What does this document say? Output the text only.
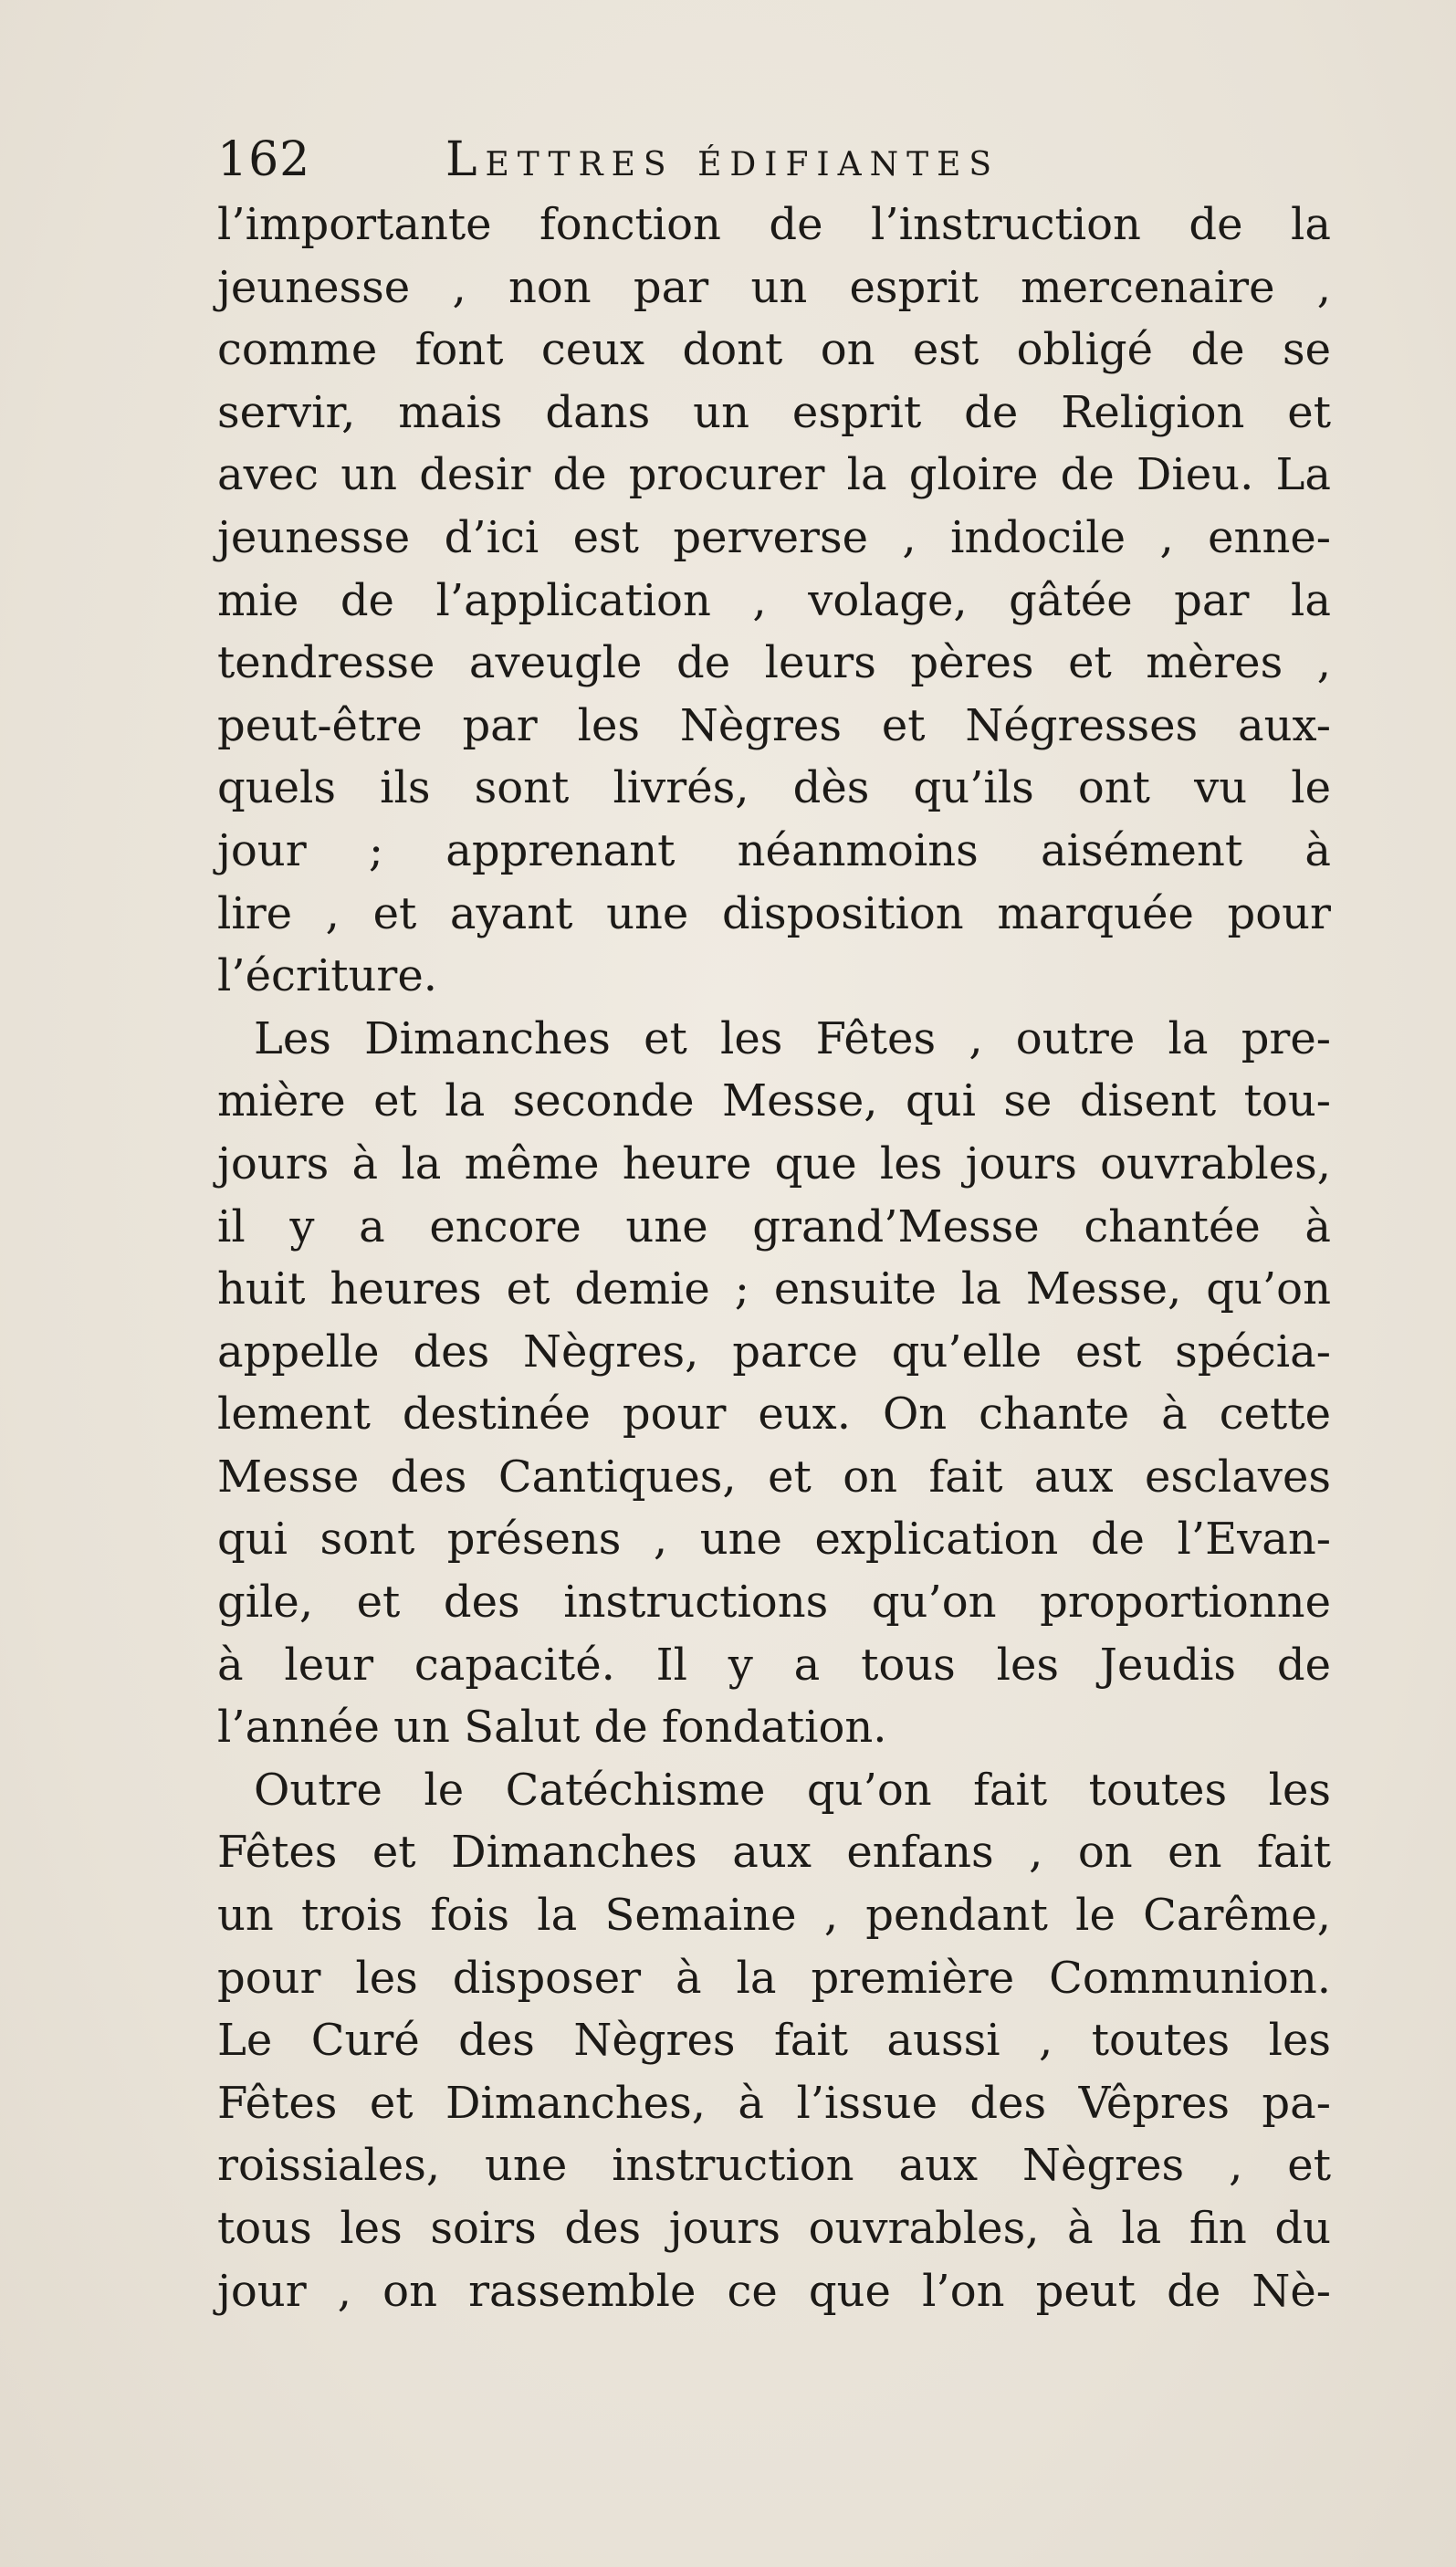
162	Lettres édifiantes
l’importante fonction de l’instruction de la
jeunesse , non par un esprit mercenaire ,
comme font ceux dont on est obligé de se
servir, mais dans un esprit de Religion et
avec un desir de procurer la gloire de Dieu. La
jeunesse d’ici est perverse , indocile , enne-
mie de l’application , volage, gâtée par la
tendresse aveugle de leurs pères et mères ,
peut-être par les Nègres et Négresses aux-
quels ils sont livrés, dès qu’ils ont vu le
jour ; apprenant néanmoins aisément à
lire , et ayant une disposition marquée pour
l’écriture.
Les Dimanches et les Fêtes , outre la pre-
mière et la seconde Messe, qui se disent tou-
jours à la même heure que les jours ouvrables,
il y a encore une grand’Messe chantée à
huit heures et demie ; ensuite la Messe, qu’on
appelle des Nègres, parce qu’elle est spécia-
lement destinée pour eux. On chante à cette
Messe des Cantiques, et on fait aux esclaves
qui sont présens , une explication de l’Evan-
gile, et des instructions qu’on proportionne
à leur capacité. Il y a tous les Jeudis de
l’année un Salut de fondation.
Outre le Catéchisme qu’on fait toutes les
Fêtes et Dimanches aux enfans , on en fait
un trois fois la Semaine , pendant le Carême,
pour les disposer à la première Communion.
Le Curé des Nègres fait aussi , toutes les
Fêtes et Dimanches, à l’issue des Vêpres pa-
roissiales, une instruction aux Nègres , et
tous les soirs des jours ouvrables, à la fin du
jour , on rassemble ce que l’on peut de Nè-
